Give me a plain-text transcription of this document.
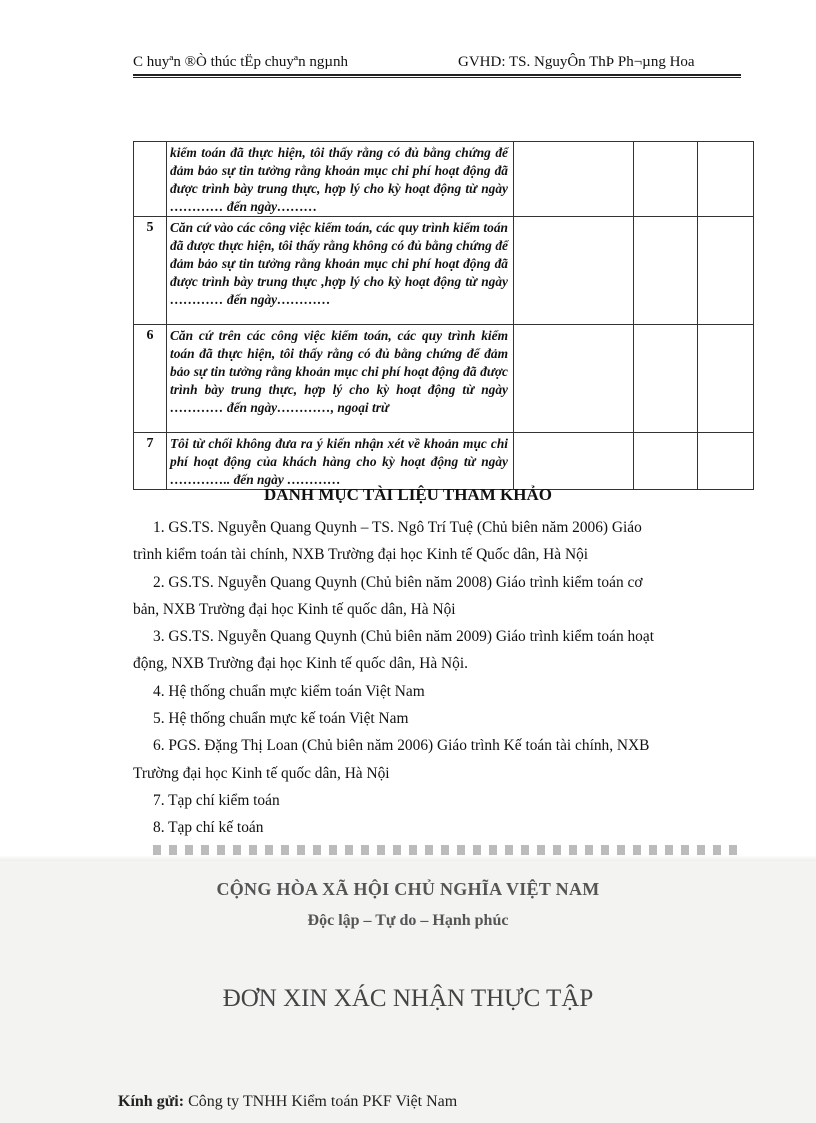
C huyªn ®Ò thúc tËp chuyªn ngµnh	GVHD: TS. NguyÔn ThÞ Ph¬µng Hoa
	kiểm toán đã thực hiện, tôi thấy rằng có đủ bằng chứng để đảm bảo sự tin tưởng rằng khoản mục chi phí hoạt động đã được trình bày trung thực, hợp lý cho kỳ hoạt động từ ngày ………… đến ngày………			
5	Căn cứ vào các công việc kiểm toán, các quy trình kiểm toán đã được thực hiện, tôi thấy rằng không có đủ bằng chứng để đảm bảo sự tin tưởng rằng khoản mục chi phí hoạt động đã được trình bày trung thực ,hợp lý cho kỳ hoạt động từ ngày ………… đến ngày…………			
6	Căn cứ trên các công việc kiểm toán, các quy trình kiểm toán đã thực hiện, tôi thấy rằng có đủ bằng chứng để đảm bảo sự tin tưởng rằng khoản mục chi phí hoạt động đã được trình bày trung thực, hợp lý cho kỳ hoạt động từ ngày ………… đến ngày…………, ngoại trừ			
7	Tôi từ chối không đưa ra ý kiến nhận xét về khoản mục chi phí hoạt động của khách hàng cho kỳ hoạt động từ ngày ………….. đến ngày …………			
DANH MỤC TÀI LIỆU THAM KHẢO

1. GS.TS. Nguyễn Quang Quynh – TS. Ngô Trí Tuệ (Chủ biên năm 2006) Giáo

trình kiểm toán tài chính, NXB Trường đại học Kinh tế Quốc dân, Hà Nội

2. GS.TS. Nguyễn Quang Quynh (Chủ biên năm 2008) Giáo trình kiểm toán cơ

bản, NXB Trường đại học Kinh tế quốc dân, Hà Nội

3. GS.TS. Nguyễn Quang Quynh (Chủ biên năm 2009) Giáo trình kiểm toán hoạt

động, NXB Trường đại học Kinh tế quốc dân, Hà Nội.

4. Hệ thống chuẩn mực kiểm toán Việt Nam

5. Hệ thống chuẩn mực kế toán Việt Nam

6. PGS. Đặng Thị Loan (Chủ biên năm 2006) Giáo trình Kế toán tài chính, NXB

Trường đại học Kinh tế quốc dân, Hà Nội

7. Tạp chí kiểm toán

8. Tạp chí kế toán

CỘNG HÒA XÃ HỘI CHỦ NGHĨA VIỆT NAM
Độc lập – Tự do – Hạnh phúc
ĐƠN XIN XÁC NHẬN THỰC TẬP
Kính gửi: Công ty TNHH Kiểm toán PKF Việt Nam
